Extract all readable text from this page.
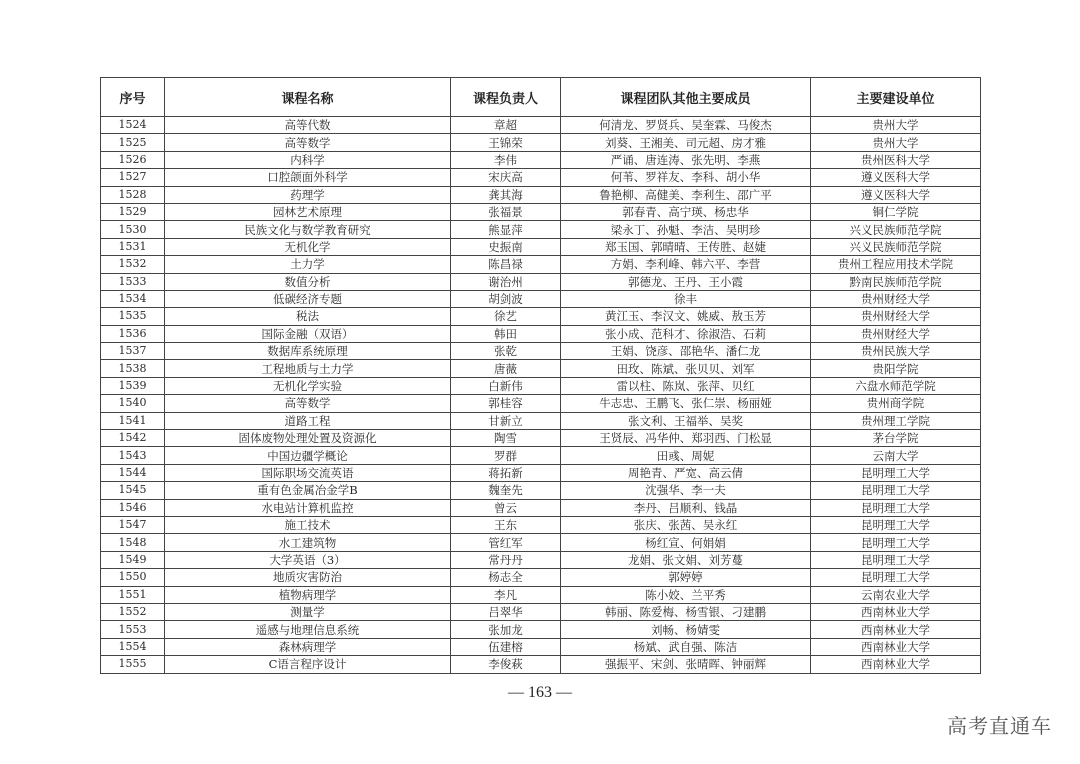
序号	课程名称	课程负责人	课程团队其他主要成员	主要建设单位
1524	高等代数	章超	何清龙、罗贤兵、吴奎霖、马俊杰	贵州大学
1525	高等数学	王锦荣	刘葵、王湘美、司元超、房才雅	贵州大学
1526	内科学	李伟	严诵、唐连涛、张先明、李燕	贵州医科大学
1527	口腔颌面外科学	宋庆高	何苇、罗祥友、李科、胡小华	遵义医科大学
1528	药理学	龚其海	鲁艳柳、高健美、李利生、邵广平	遵义医科大学
1529	园林艺术原理	张福景	郭春青、高宁瑛、杨忠华	铜仁学院
1530	民族文化与数学教育研究	熊显萍	梁永丁、孙魁、李洁、吴明珍	兴义民族师范学院
1531	无机化学	史振南	郑玉国、郭晴晴、王传胜、赵婕	兴义民族师范学院
1532	土力学	陈昌禄	方娟、李利峰、韩六平、李营	贵州工程应用技术学院
1533	数值分析	谢治州	郭德龙、王丹、王小霞	黔南民族师范学院
1534	低碳经济专题	胡剑波	徐丰	贵州财经大学
1535	税法	徐艺	黄江玉、李汉文、姚威、敖玉芳	贵州财经大学
1536	国际金融（双语）	韩田	张小成、范科才、徐淑浩、石莉	贵州财经大学
1537	数据库系统原理	张乾	王娟、饶彦、邵艳华、潘仁龙	贵州民族大学
1538	工程地质与土力学	唐薇	田玫、陈斌、张贝贝、刘军	贵阳学院
1539	无机化学实验	白新伟	雷以柱、陈岚、张萍、贝红	六盘水师范学院
1540	高等数学	郭桂容	牛志忠、王鹏飞、张仁崇、杨丽娅	贵州商学院
1541	道路工程	甘新立	张文利、王福举、吴奖	贵州理工学院
1542	固体废物处理处置及资源化	陶雪	王贤辰、冯华仲、郑羽西、门松显	茅台学院
1543	中国边疆学概论	罗群	田彧、周妮	云南大学
1544	国际职场交流英语	蒋拓新	周艳青、严宽、高云倩	昆明理工大学
1545	重有色金属冶金学B	魏奎先	沈强华、李一夫	昆明理工大学
1546	水电站计算机监控	曾云	李丹、吕顺利、钱晶	昆明理工大学
1547	施工技术	王东	张庆、张茜、吴永红	昆明理工大学
1548	水工建筑物	管红军	杨红宣、何娟娟	昆明理工大学
1549	大学英语（3）	常丹丹	龙娟、张文娟、刘芳蔓	昆明理工大学
1550	地质灾害防治	杨志全	郭婷婷	昆明理工大学
1551	植物病理学	李凡	陈小姣、兰平秀	云南农业大学
1552	测量学	吕翠华	韩丽、陈爱梅、杨雪银、刁建鹏	西南林业大学
1553	遥感与地理信息系统	张加龙	刘畅、杨婧雯	西南林业大学
1554	森林病理学	伍建榕	杨斌、武自强、陈洁	西南林业大学
1555	C语言程序设计	李俊萩	强振平、宋剑、张晴晖、钟丽辉	西南林业大学
— 163 —
高考直通车
